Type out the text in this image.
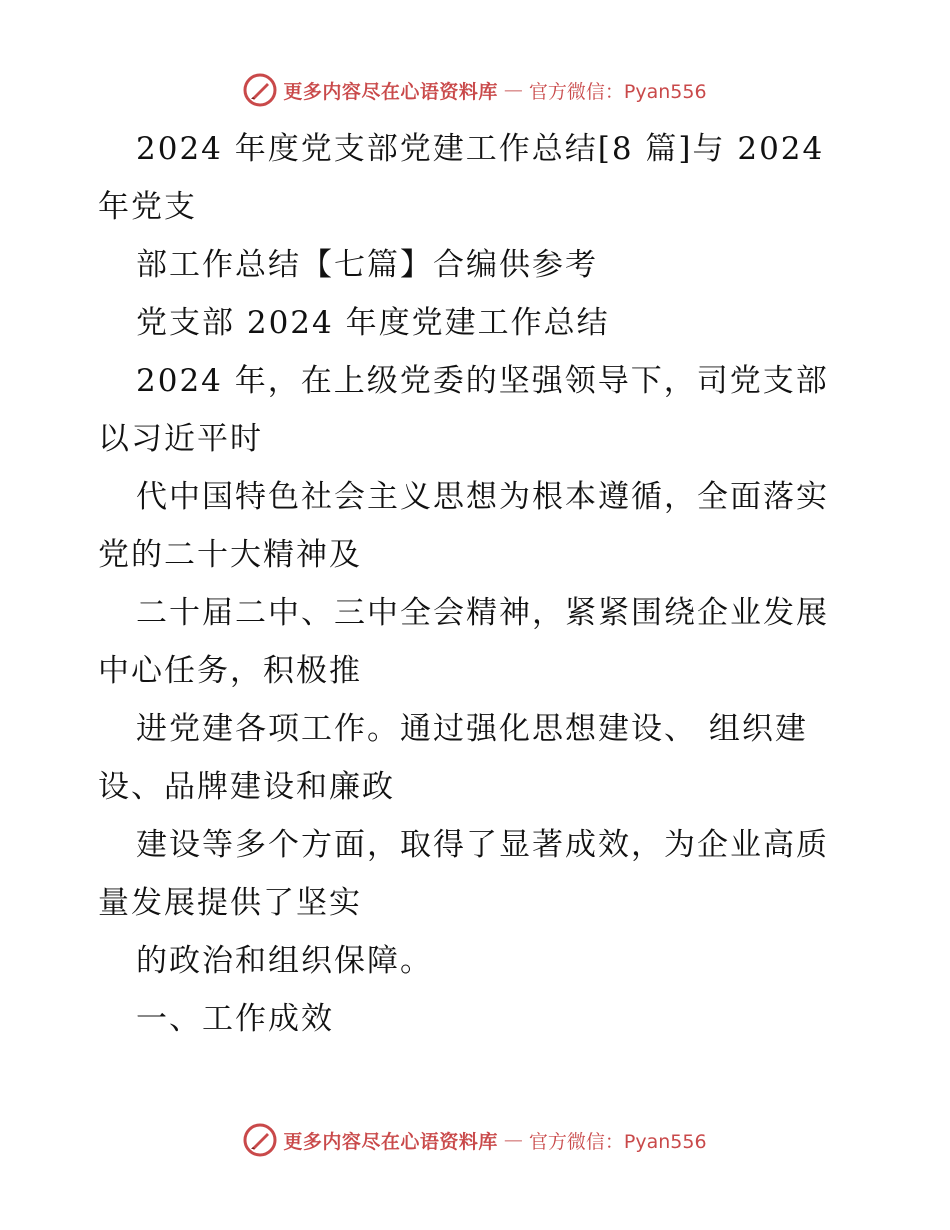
更多内容尽在心语资料库 — 官方微信：Pyan556

2024 年度党支部党建工作总结[8 篇]与 2024 年党支

部工作总结【七篇】合编供参考

党支部 2024 年度党建工作总结

2024 年，在上级党委的坚强领导下，司党支部以习近平时

代中国特色社会主义思想为根本遵循，全面落实党的二十大精神及

二十届二中、三中全会精神，紧紧围绕企业发展中心任务，积极推

进党建各项工作。通过强化思想建设、 组织建设、品牌建设和廉政

建设等多个方面，取得了显著成效，为企业高质量发展提供了坚实

的政治和组织保障。

一、工作成效

更多内容尽在心语资料库 — 官方微信：Pyan556
